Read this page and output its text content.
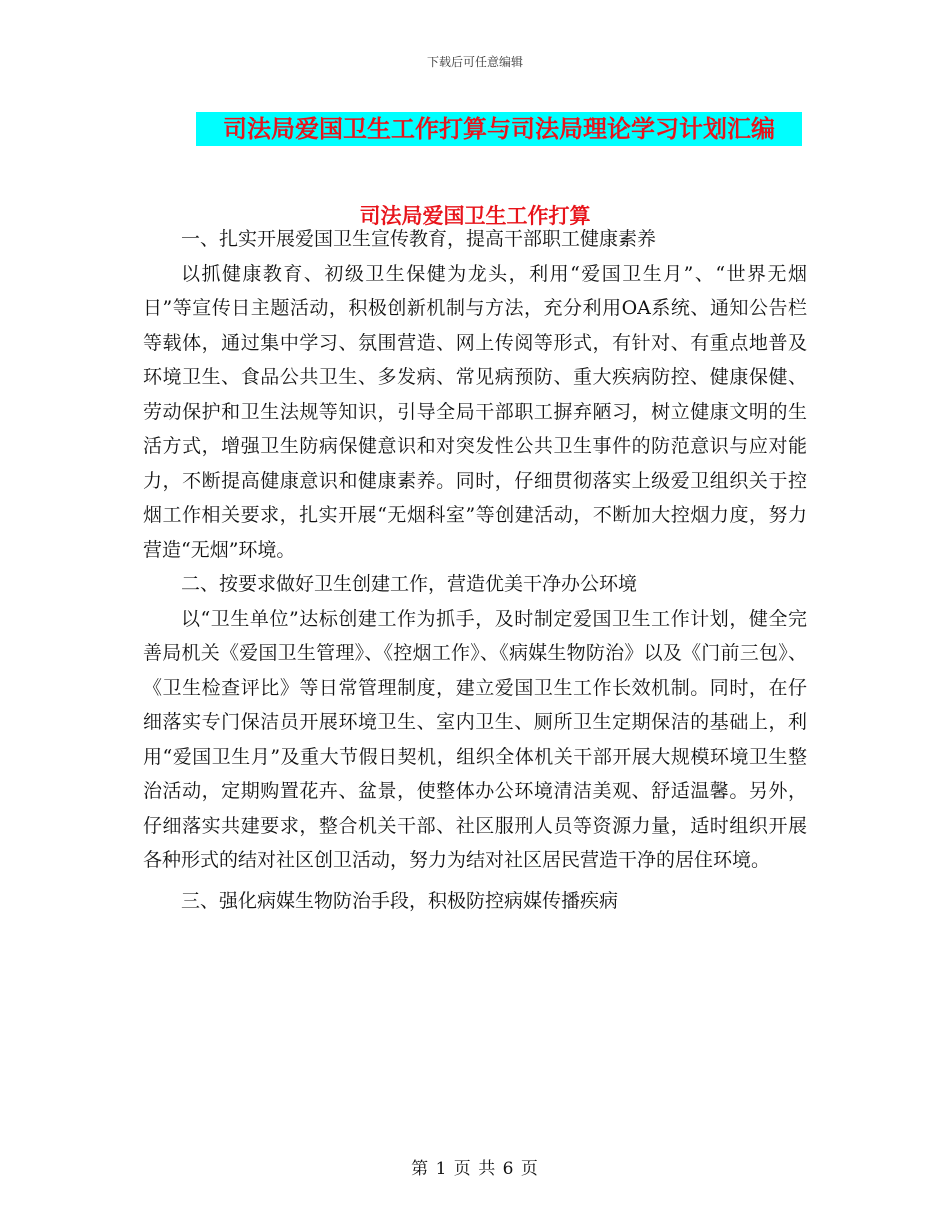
下载后可任意编辑
司法局爱国卫生工作打算与司法局理论学习计划汇编
司法局爱国卫生工作打算

一、扎实开展爱国卫生宣传教育，提高干部职工健康素养

以抓健康教育、初级卫生保健为龙头，利用“爱国卫生月”、“世界无烟日”等宣传日主题活动，积极创新机制与方法，充分利用OA系统、通知公告栏等载体，通过集中学习、氛围营造、网上传阅等形式，有针对、有重点地普及环境卫生、食品公共卫生、多发病、常见病预防、重大疾病防控、健康保健、劳动保护和卫生法规等知识，引导全局干部职工摒弃陋习，树立健康文明的生活方式，增强卫生防病保健意识和对突发性公共卫生事件的防范意识与应对能力，不断提高健康意识和健康素养。同时，仔细贯彻落实上级爱卫组织关于控烟工作相关要求，扎实开展“无烟科室”等创建活动，不断加大控烟力度，努力营造“无烟”环境。

二、按要求做好卫生创建工作，营造优美干净办公环境

以“卫生单位”达标创建工作为抓手，及时制定爱国卫生工作计划，健全完善局机关《爱国卫生管理》、《控烟工作》、《病媒生物防治》以及《门前三包》、《卫生检查评比》等日常管理制度，建立爱国卫生工作长效机制。同时，在仔细落实专门保洁员开展环境卫生、室内卫生、厕所卫生定期保洁的基础上，利用“爱国卫生月”及重大节假日契机，组织全体机关干部开展大规模环境卫生整治活动，定期购置花卉、盆景，使整体办公环境清洁美观、舒适温馨。另外，仔细落实共建要求，整合机关干部、社区服刑人员等资源力量，适时组织开展各种形式的结对社区创卫活动，努力为结对社区居民营造干净的居住环境。

三、强化病媒生物防治手段，积极防控病媒传播疾病

第 1 页 共 6 页
